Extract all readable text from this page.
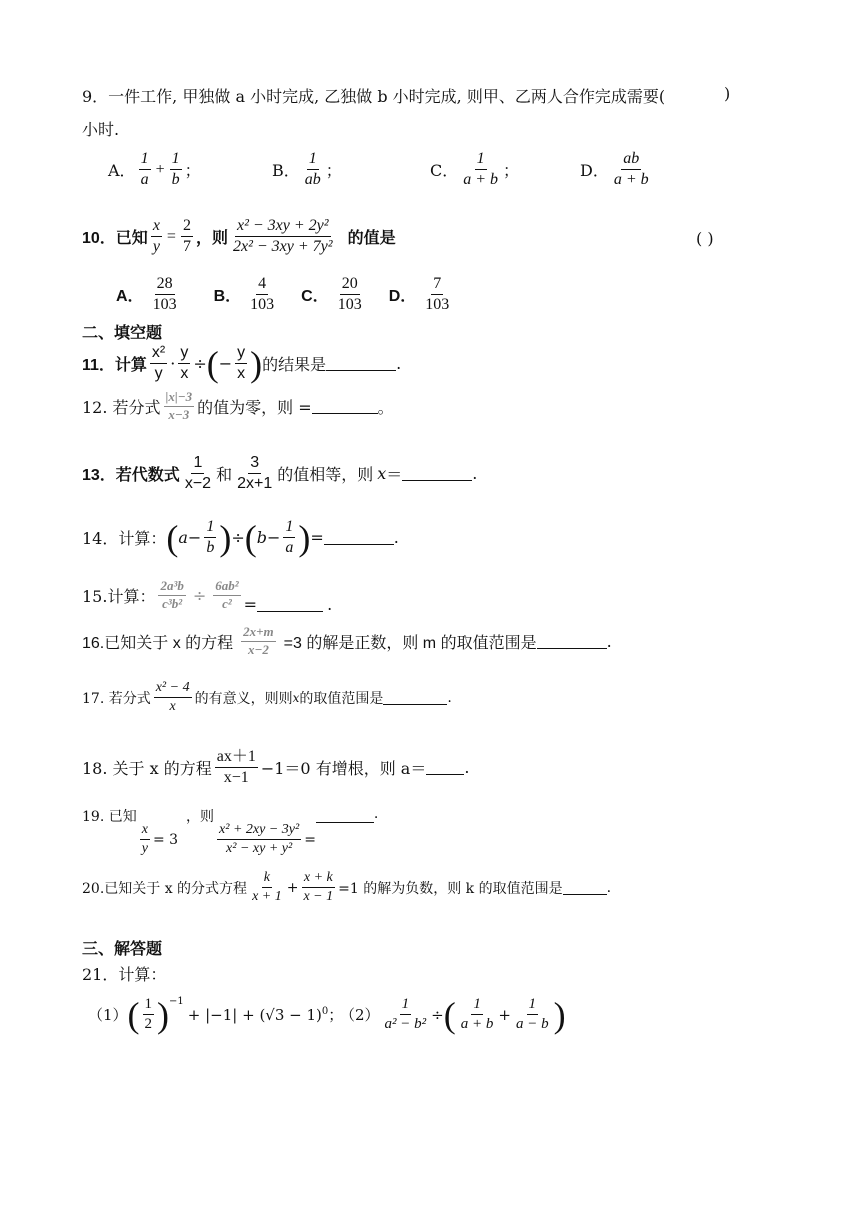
9．一件工作, 甲独做 a 小时完成, 乙独做 b 小时完成, 则甲、乙两人合作完成需要(	)
小时.
A． $\frac{1}{a} + \frac{1}{b}$ ；	B． $\frac{1}{ab}$ ；	C． $\frac{1}{a + b}$ ；	D． $\frac{ab}{a + b}$
10．已知 $\frac{x}{y} = \frac{2}{7}$ ，则 $\frac{\text{x² − 3xy + 2y²}}{\text{2x² − 3xy + 7y²}}$ 的值是	( )
A． $\frac{28}{103}$ B． $\frac{4}{103}$ C． $\frac{20}{103}$ D． $\frac{7}{103}$
二、填空题
11．计算 $\frac{\text{x²}}{y} \cdot \frac{y}{x}$ ÷ ( − $\frac{y}{x}$ ) 的结果是	.
12. 若分式 $\frac{|x|-3}{x-3}$ 的值为零，则 =	。
13．若代数式 $\frac{1}{x-2}$ 和 $\frac{3}{2x+1}$ 的值相等，则 x ＝	.
14．计算： ( $a - \frac{1}{b}$ ) ÷ ( $b - \frac{1}{a}$ ) =	.
15.计算： $\frac{\text{2a³b}}{\text{c³b²}} \div \frac{\text{6ab²}}{\text{c²}}$ =	.
16.已知关于 x 的方程 $\frac{2x+m}{x-2} =3$ 的解是正数，则 m 的取值范围是	.
17. 若分式 $\frac{\text{x² − 4}}{x}$ 的有意义，则则 x 的取值范围是	.
18. 关于 x 的方程 $\frac{ax+1}{x-1} -1=0$ 有增根，则 a＝ .
19. 已知
$\frac{x}{y} = 3$
，则
$\frac{\text{x² + 2xy − 3y²}}{\text{x² − xy + y²}}$ =
.
20.已知关于 x 的分式方程 $\frac{k}{x + 1} + \frac{x + k}{x - 1} =1$ 的解为负数，则 k 的取值范围是	.
三、解答题
21．计算：
（1） ( $\frac{1}{2} )^{-1}$
+ $|-1| + (√3 - 1)^0$ ；
$(2) \frac{1}{\text{a² − b²}}$ ÷ ( $\frac{1}{a + b} + \frac{1}{a - b}$ )
